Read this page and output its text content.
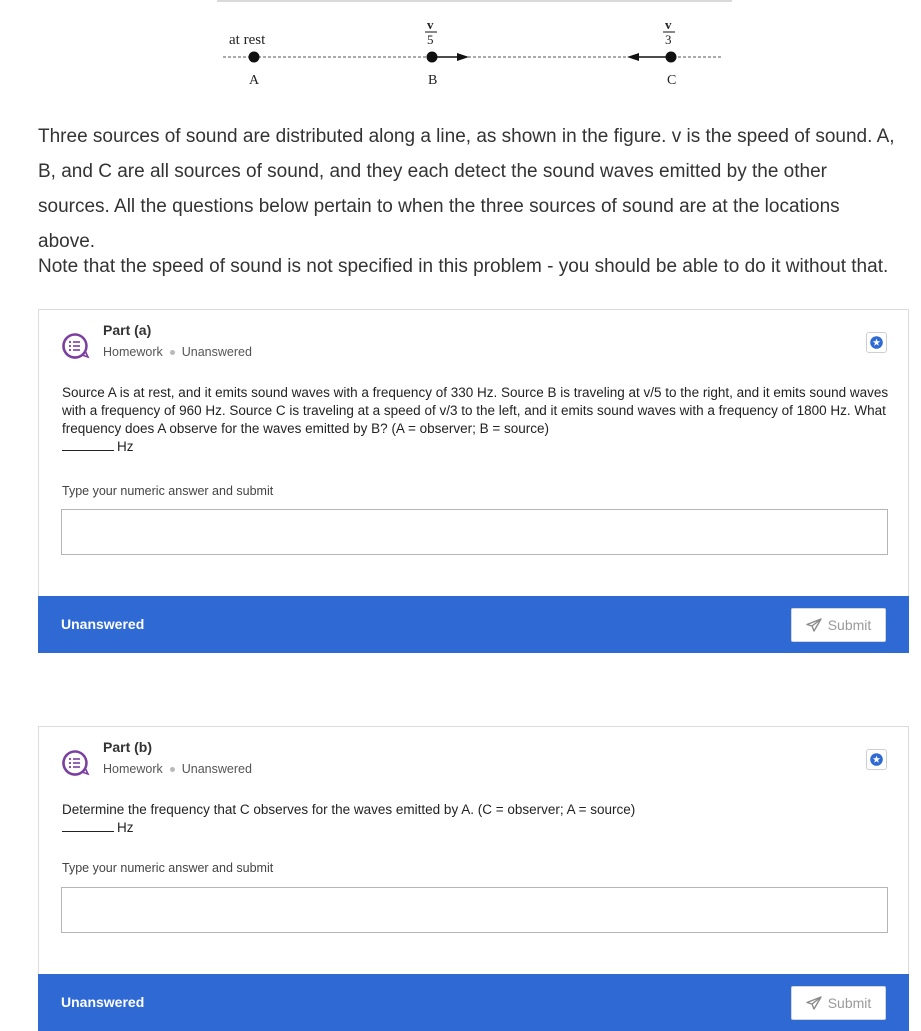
at rest
A
v
5
B
v
3
C

Three sources of sound are distributed along a line, as shown in the figure. v is the speed of sound. A, B, and C are all sources of sound, and they each detect the sound waves emitted by the other sources. All the questions below pertain to when the three sources of sound are at the locations above.

Note that the speed of sound is not specified in this problem - you should be able to do it without that.
Part (a)
Homework Unanswered
Source A is at rest, and it emits sound waves with a frequency of 330 Hz. Source B is traveling at v/5 to the right, and it emits sound waves with a frequency of 960 Hz. Source C is traveling at a speed of v/3 to the left, and it emits sound waves with a frequency of 1800 Hz. What frequency does A observe for the waves emitted by B? (A = observer; B = source)
Hz
Type your numeric answer and submit
Unanswered	Submit
Part (b)
Homework Unanswered
Determine the frequency that C observes for the waves emitted by A. (C = observer; A = source)
Hz
Type your numeric answer and submit
Unanswered	Submit
